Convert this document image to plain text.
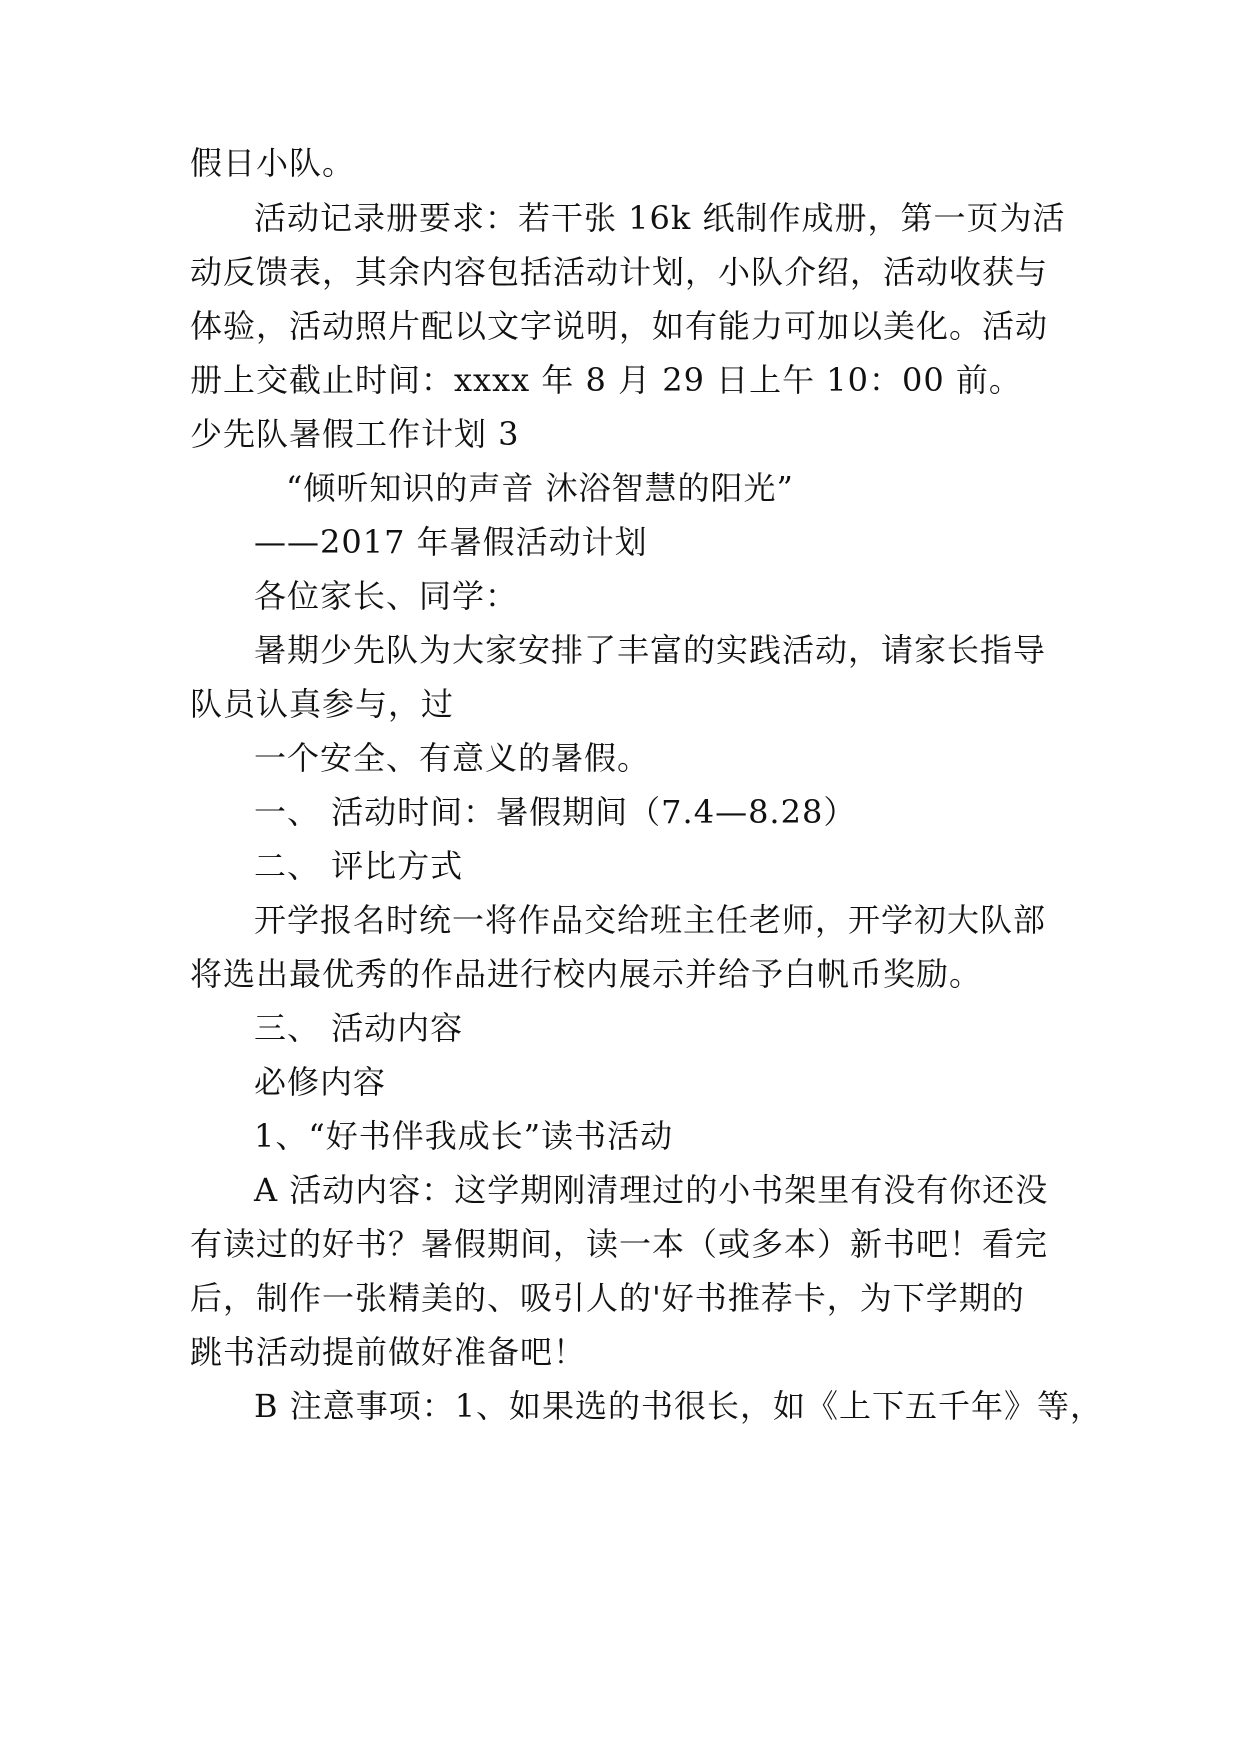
假日小队。
活动记录册要求：若干张 16k 纸制作成册，第一页为活
动反馈表，其余内容包括活动计划，小队介绍，活动收获与
体验，活动照片配以文字说明，如有能力可加以美化。活动
册上交截止时间：xxxx 年 8 月 29 日上午 10：00 前。
少先队暑假工作计划 3
“倾听知识的声音 沐浴智慧的阳光”
——2017 年暑假活动计划
各位家长、同学：
暑期少先队为大家安排了丰富的实践活动，请家长指导
队员认真参与，过
一个安全、有意义的暑假。
一、 活动时间：暑假期间（7.4—8.28）
二、 评比方式
开学报名时统一将作品交给班主任老师，开学初大队部
将选出最优秀的作品进行校内展示并给予白帆币奖励。
三、 活动内容
必修内容
1、“好书伴我成长”读书活动
A 活动内容：这学期刚清理过的小书架里有没有你还没
有读过的好书？暑假期间，读一本（或多本）新书吧！看完
后，制作一张精美的、吸引人的'好书推荐卡，为下学期的
跳书活动提前做好准备吧！
B 注意事项：1、如果选的书很长，如《上下五千年》等，
